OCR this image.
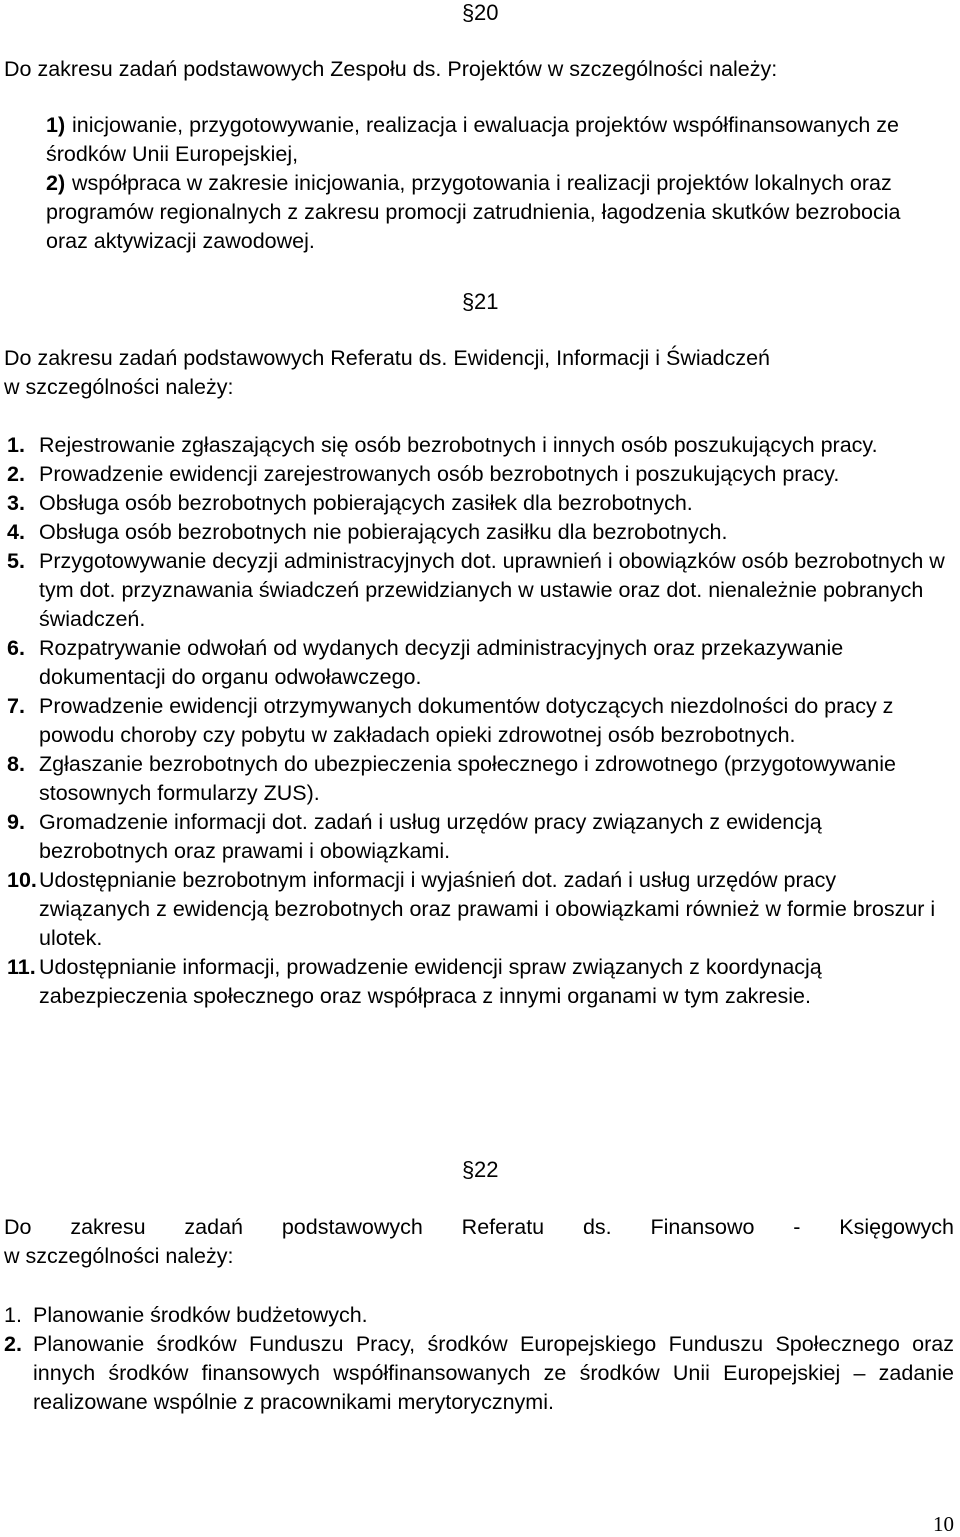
§ 20

Do zakresu zadań podstawowych Zespołu ds. Projektów w szczególności należy:

1) inicjowanie, przygotowywanie, realizacja i ewaluacja projektów współfinansowanych ze środków Unii Europejskiej,
2) współpraca w zakresie inicjowania, przygotowania i realizacji projektów lokalnych oraz programów regionalnych z zakresu promocji zatrudnienia, łagodzenia skutków bezrobocia oraz aktywizacji zawodowej.
§ 21
Do zakresu zadań podstawowych Referatu ds. Ewidencji, Informacji i Świadczeń
w szczególności należy:
1. Rejestrowanie zgłaszających się osób bezrobotnych i innych osób poszukujących pracy.
2. Prowadzenie ewidencji zarejestrowanych osób bezrobotnych i poszukujących pracy.
3. Obsługa osób bezrobotnych pobierających zasiłek dla bezrobotnych.
4. Obsługa osób bezrobotnych nie pobierających zasiłku dla bezrobotnych.
5. Przygotowywanie decyzji administracyjnych dot. uprawnień i obowiązków osób bezrobotnych w tym dot. przyznawania świadczeń przewidzianych w ustawie oraz dot. nienależnie pobranych świadczeń.
6. Rozpatrywanie odwołań od wydanych decyzji administracyjnych oraz przekazywanie dokumentacji do organu odwoławczego.
7. Prowadzenie ewidencji otrzymywanych dokumentów dotyczących niezdolności do pracy z powodu choroby czy pobytu w zakładach opieki zdrowotnej osób bezrobotnych.
8. Zgłaszanie bezrobotnych do ubezpieczenia społecznego i zdrowotnego (przygotowywanie stosownych formularzy ZUS).
9. Gromadzenie informacji dot. zadań i usług urzędów pracy związanych z ewidencją bezrobotnych oraz prawami i obowiązkami.
10. Udostępnianie bezrobotnym informacji i wyjaśnień dot. zadań i usług urzędów pracy związanych z ewidencją bezrobotnych oraz prawami i obowiązkami również w formie broszur i ulotek.
11. Udostępnianie informacji, prowadzenie ewidencji spraw związanych z koordynacją zabezpieczenia społecznego oraz współpraca z innymi organami w tym zakresie.
§ 22
Do zakresu zadań podstawowych Referatu ds. Finansowo - Księgowych
w szczególności należy:
1. Planowanie środków budżetowych.
2. Planowanie środków Funduszu Pracy, środków Europejskiego Funduszu Społecznego oraz innych środków finansowych współfinansowanych ze środków Unii Europejskiej – zadanie realizowane wspólnie z pracownikami merytorycznymi.
10
